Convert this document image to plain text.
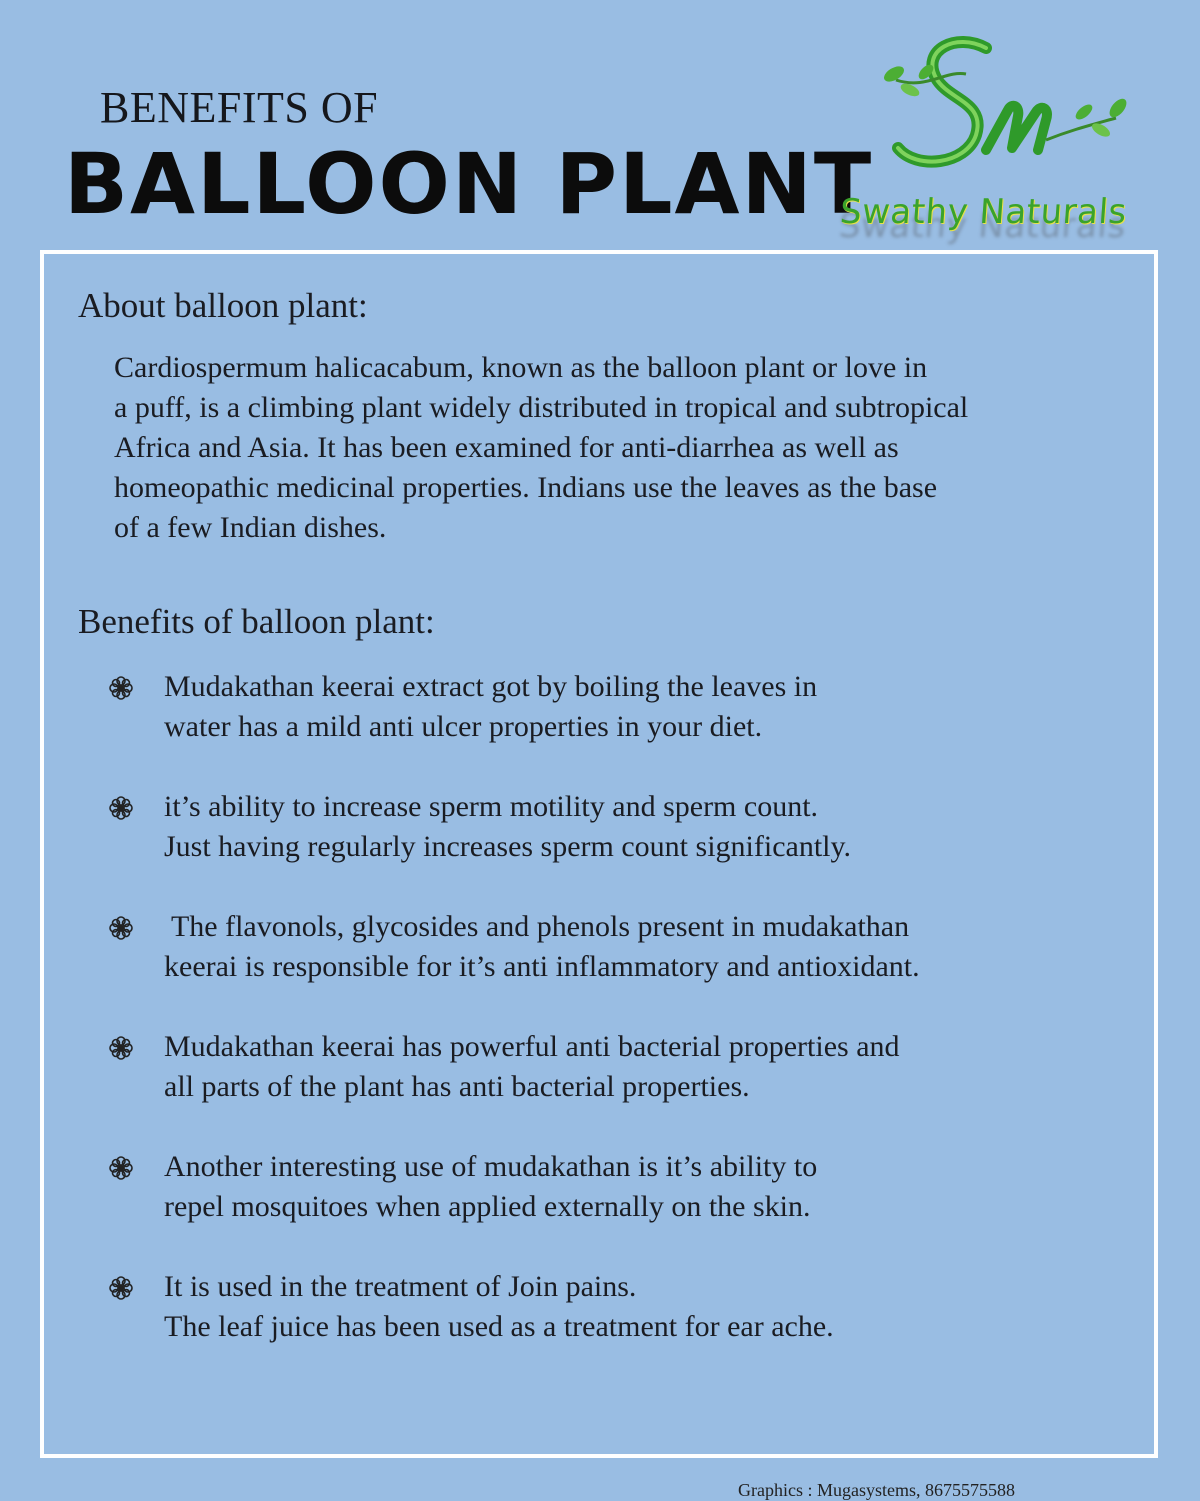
BENEFITS OF
BALLOON PLANT
Swathy Naturals
About balloon plant:
Cardiospermum halicacabum, known as the balloon plant or love in
a puff, is a climbing plant widely distributed in tropical and subtropical
Africa and Asia. It has been examined for anti-diarrhea as well as
homeopathic medicinal properties. Indians use the leaves as the base
of a few Indian dishes.
Benefits of balloon plant:
Mudakathan keerai extract got by boiling the leaves in
water has a mild anti ulcer properties in your diet.
it’s ability to increase sperm motility and sperm count.
Just having regularly increases sperm count significantly.
The flavonols, glycosides and phenols present in mudakathan
keerai is responsible for it’s anti inflammatory and antioxidant.
Mudakathan keerai has powerful anti bacterial properties and
all parts of the plant has anti bacterial properties.
Another interesting use of mudakathan is it’s ability to
repel mosquitoes when applied externally on the skin.
It is used in the treatment of Join pains.
The leaf juice has been used as a treatment for ear ache.
Graphics : Mugasystems, 8675575588
